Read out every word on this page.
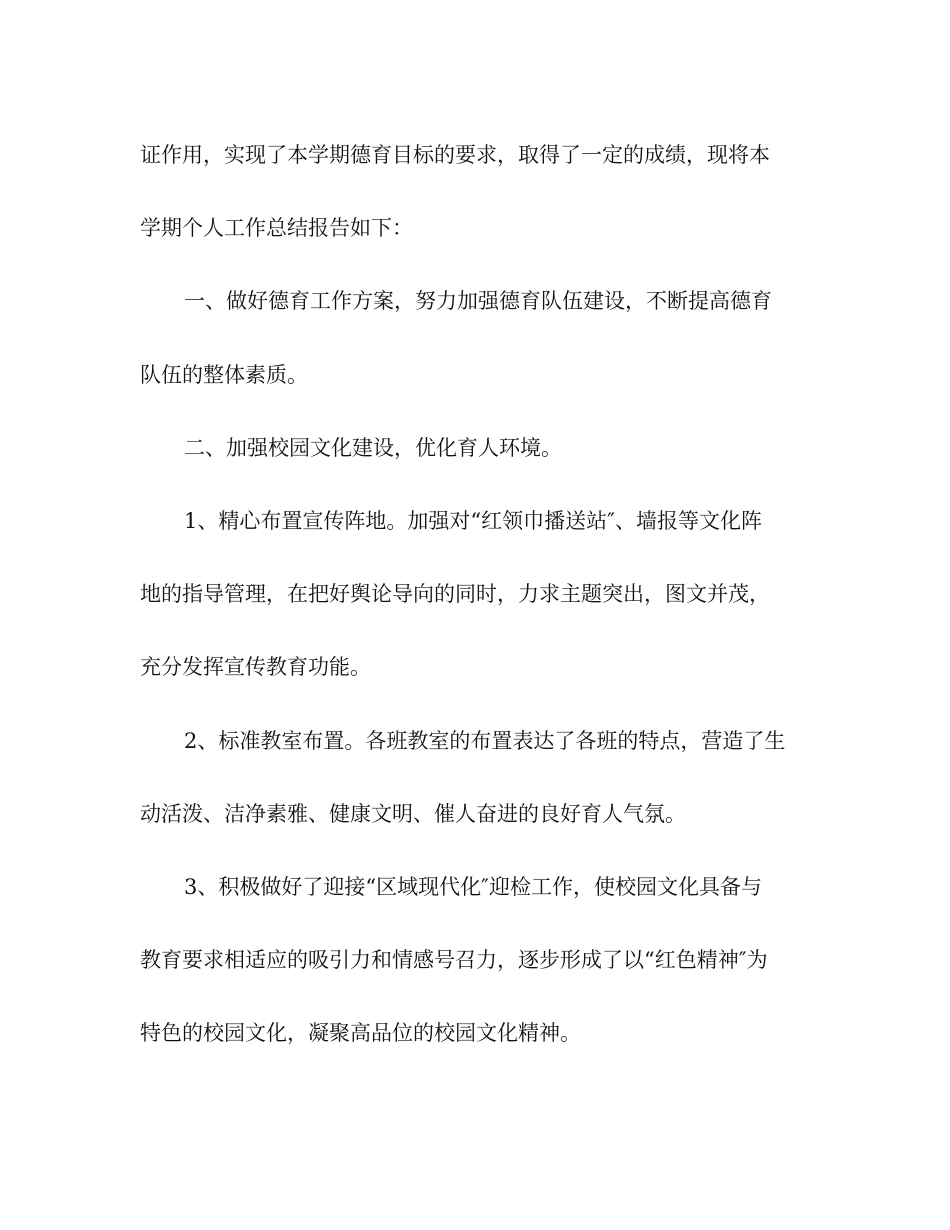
证作用，实现了本学期德育目标的要求，取得了一定的成绩，现将本
学期个人工作总结报告如下：
一、做好德育工作方案，努力加强德育队伍建设，不断提高德育
队伍的整体素质。
二、加强校园文化建设，优化育人环境。
1、精心布置宣传阵地。加强对“红领巾播送站″、墙报等文化阵
地的指导管理，在把好舆论导向的同时，力求主题突出，图文并茂，
充分发挥宣传教育功能。
2、标准教室布置。各班教室的布置表达了各班的特点，营造了生
动活泼、洁净素雅、健康文明、催人奋进的良好育人气氛。
3、积极做好了迎接“区域现代化″迎检工作，使校园文化具备与
教育要求相适应的吸引力和情感号召力，逐步形成了以“红色精神″为
特色的校园文化，凝聚高品位的校园文化精神。
